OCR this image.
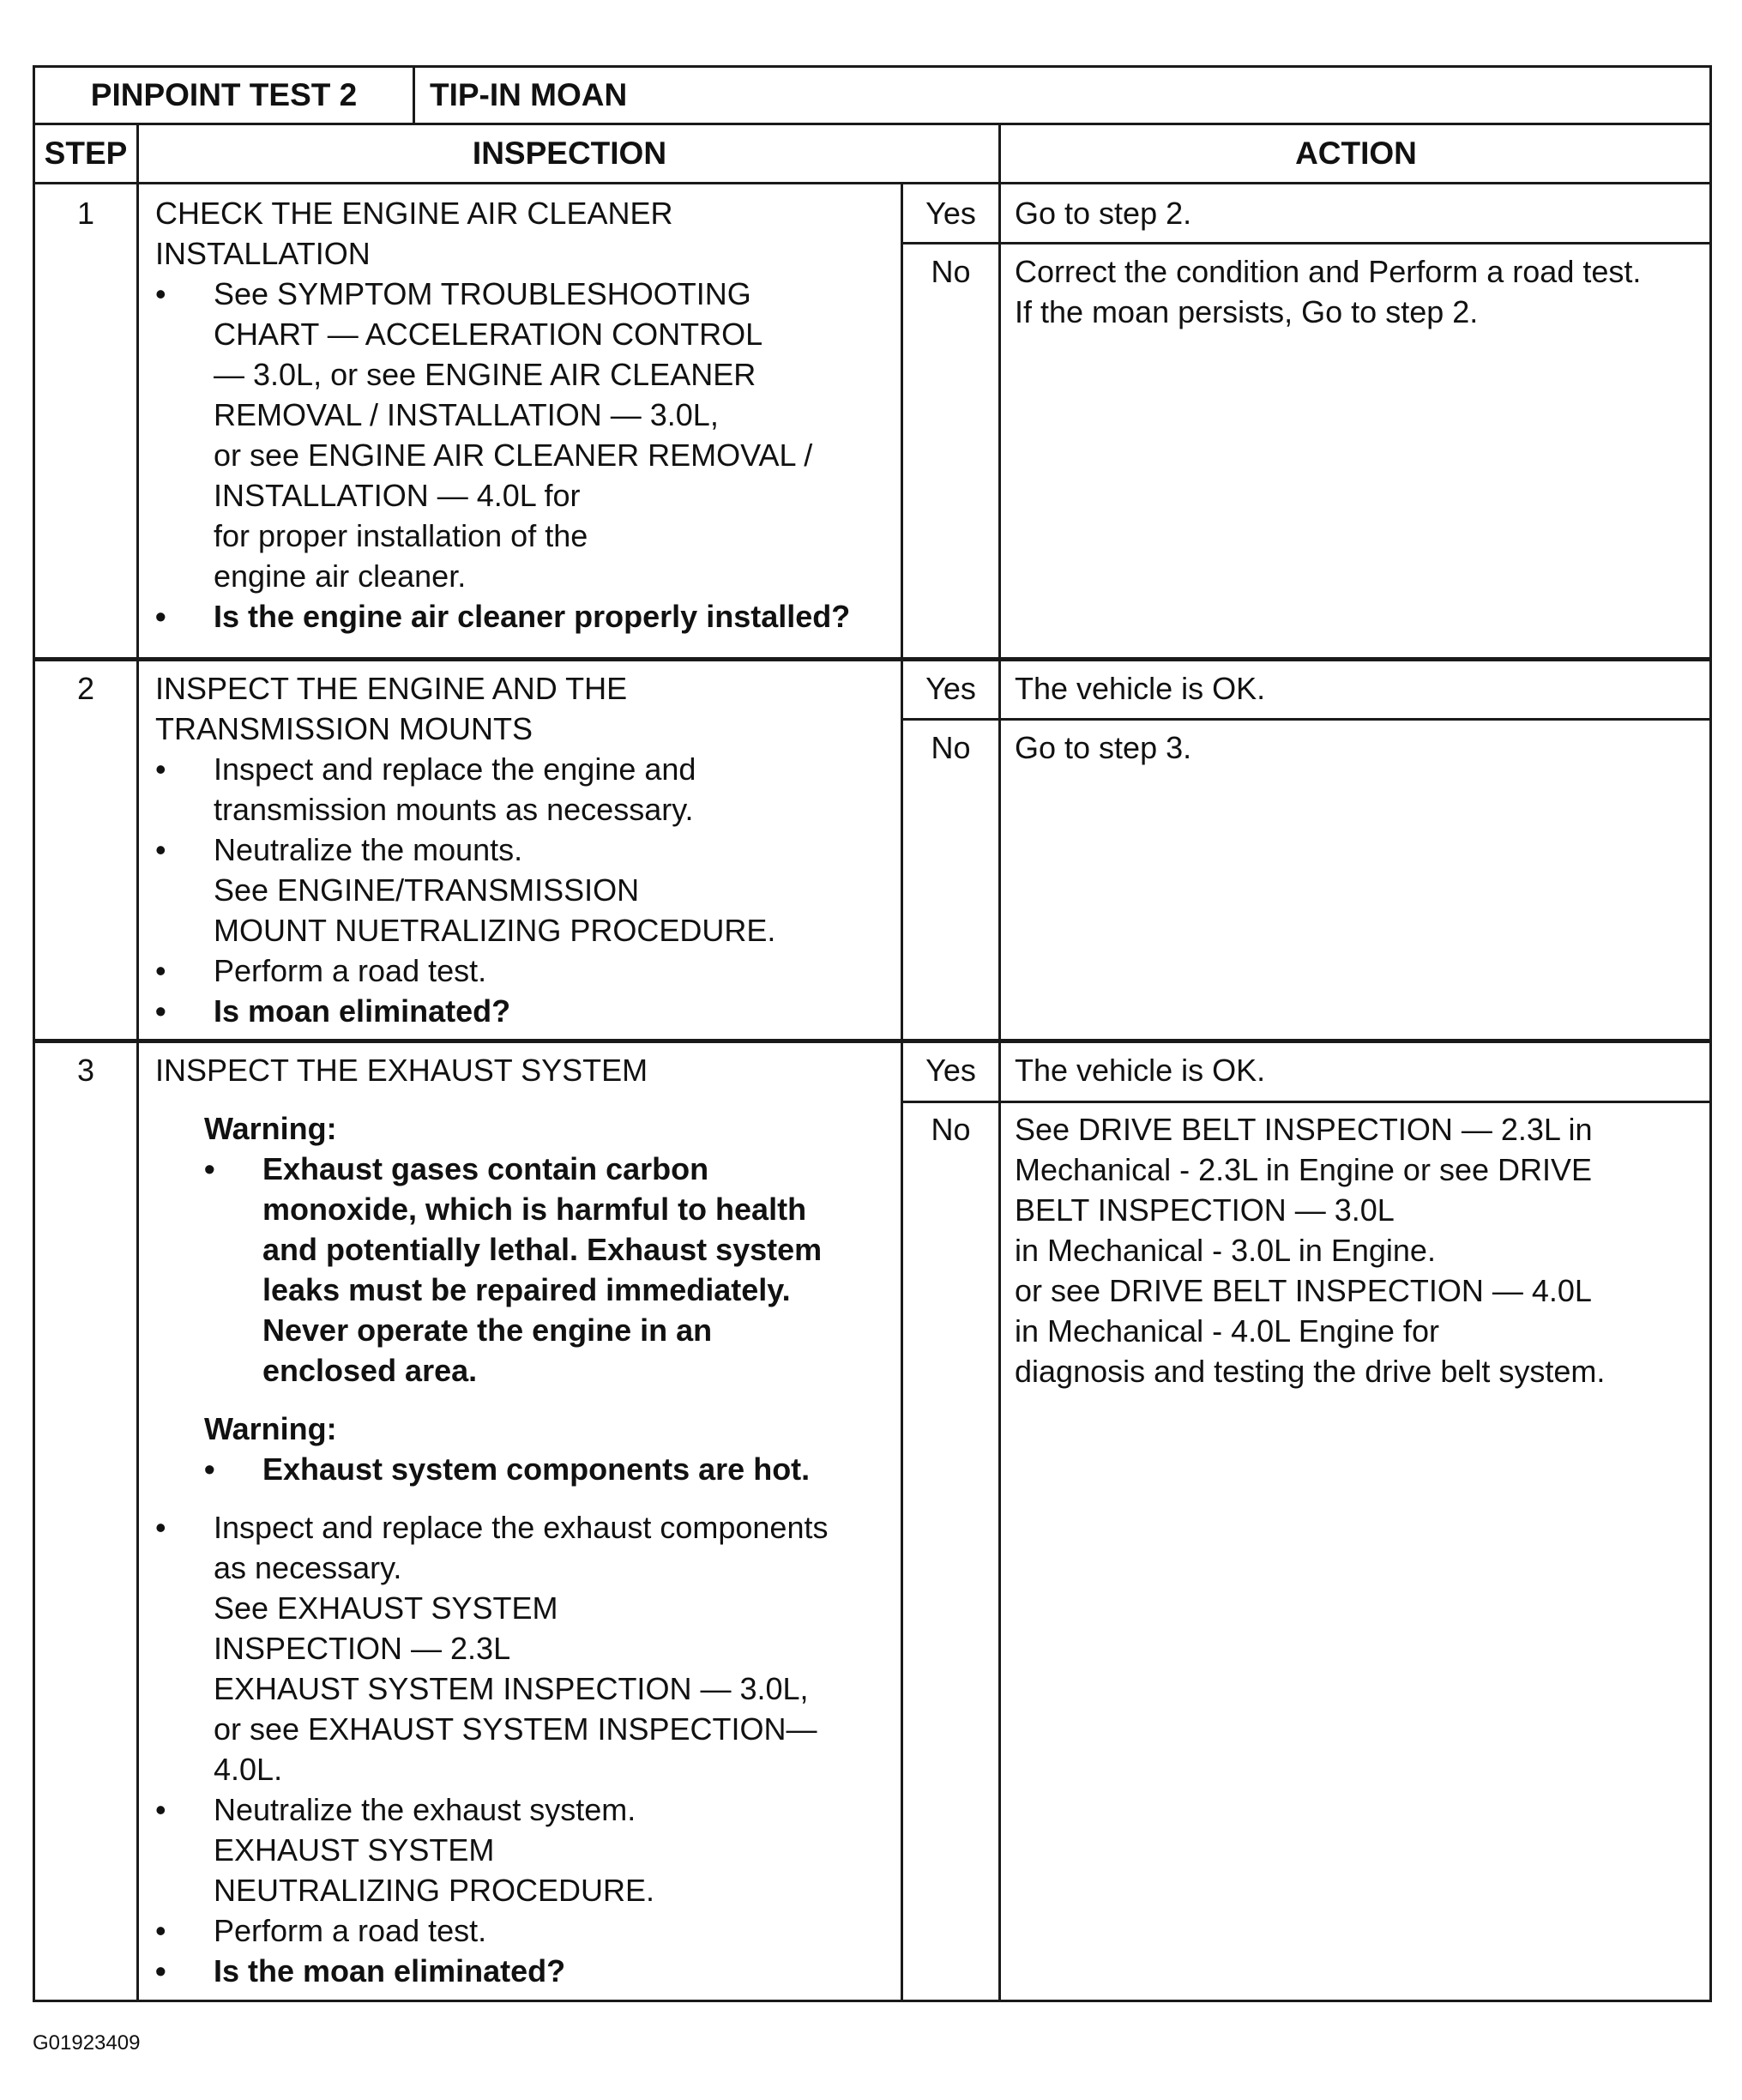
PINPOINT TEST 2	TIP-IN MOAN
STEP	INSPECTION	ACTION
1	CHECK THE ENGINE AIR CLEANER
INSTALLATION
• See SYMPTOM TROUBLESHOOTING
CHART — ACCELERATION CONTROL
— 3.0L, or see ENGINE AIR CLEANER
REMOVAL / INSTALLATION — 3.0L,
or see ENGINE AIR CLEANER REMOVAL /
INSTALLATION — 4.0L for
for proper installation of the
engine air cleaner.
• Is the engine air cleaner properly installed?
Yes	Go to step 2.
No	Correct the condition and Perform a road test.
If the moan persists, Go to step 2.
2	INSPECT THE ENGINE AND THE
TRANSMISSION MOUNTS
• Inspect and replace the engine and
transmission mounts as necessary.
• Neutralize the mounts.
See ENGINE/TRANSMISSION
MOUNT NUETRALIZING PROCEDURE.
• Perform a road test.
• Is moan eliminated?
Yes	The vehicle is OK.
No	Go to step 3.
3	INSPECT THE EXHAUST SYSTEM
Warning:
• Exhaust gases contain carbon
monoxide, which is harmful to health
and potentially lethal. Exhaust system
leaks must be repaired immediately.
Never operate the engine in an
enclosed area.
Warning:
• Exhaust system components are hot.
• Inspect and replace the exhaust components
as necessary.
See EXHAUST SYSTEM
INSPECTION — 2.3L
EXHAUST SYSTEM INSPECTION — 3.0L,
or see EXHAUST SYSTEM INSPECTION—
4.0L.
• Neutralize the exhaust system.
EXHAUST SYSTEM
NEUTRALIZING PROCEDURE.
• Perform a road test.
• Is the moan eliminated?
Yes	The vehicle is OK.
No	See DRIVE BELT INSPECTION — 2.3L in
Mechanical - 2.3L in Engine or see DRIVE
BELT INSPECTION — 3.0L
in Mechanical - 3.0L in Engine.
or see DRIVE BELT INSPECTION — 4.0L
in Mechanical - 4.0L Engine for
diagnosis and testing the drive belt system.
G01923409
